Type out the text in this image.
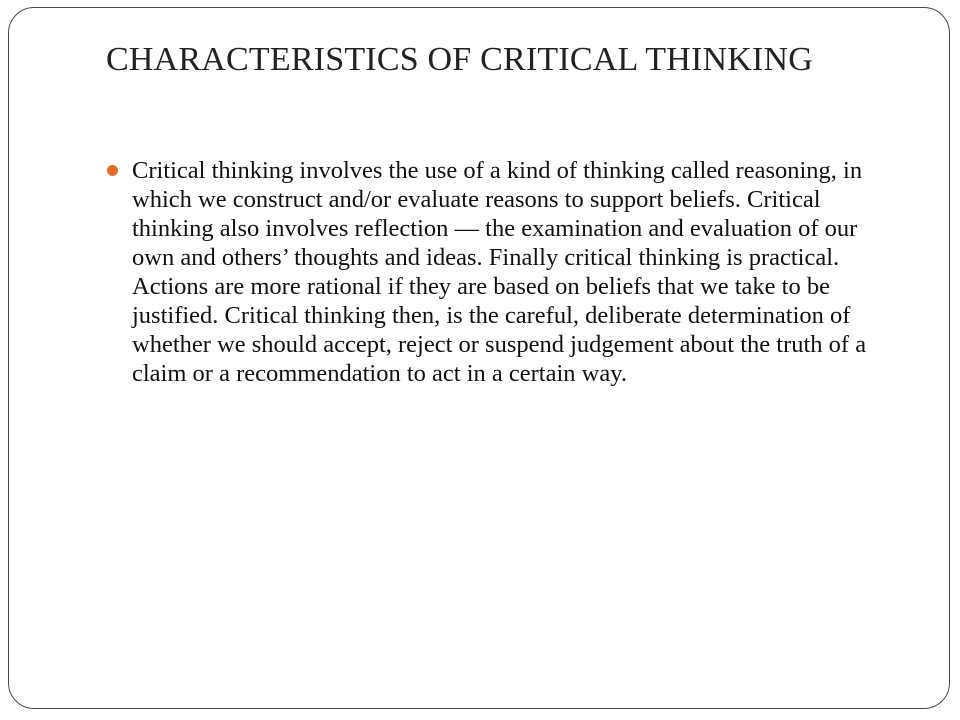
CHARACTERISTICS OF CRITICAL THINKING
Critical thinking involves the use of a kind of thinking called reasoning, in which we construct and/or evaluate reasons to support beliefs. Critical thinking also involves reflection — the examination and evaluation of our own and others’ thoughts and ideas. Finally critical thinking is practical. Actions are more rational if they are based on beliefs that we take to be justified. Critical thinking then, is the careful, deliberate determination of whether we should accept, reject or suspend judgement about the truth of a claim or a recommendation to act in a certain way.
